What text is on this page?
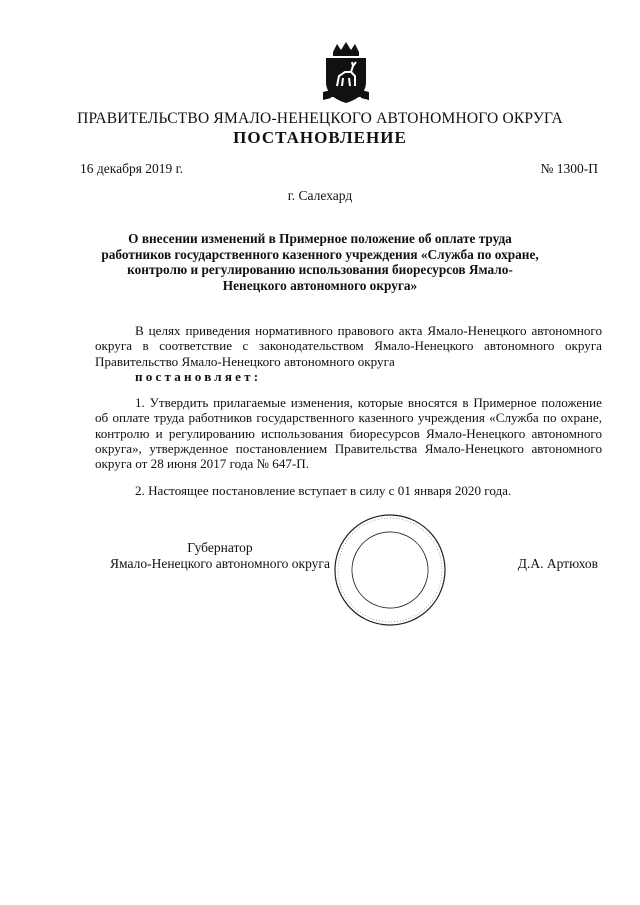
ПРАВИТЕЛЬСТВО ЯМАЛО-НЕНЕЦКОГО АВТОНОМНОГО ОКРУГА
ПОСТАНОВЛЕНИЕ
16 декабря 2019 г.	№ 1300-П
г. Салехард
О внесении изменений в Примерное положение об оплате труда работников государственного казенного учреждения «Служба по охране, контролю и регулированию использования биоресурсов Ямало-Ненецкого автономного округа»
В целях приведения нормативного правового акта Ямало-Ненецкого автономного округа в соответствие с законодательством Ямало-Ненецкого автономного округа Правительство Ямало-Ненецкого автономного округа
постановляет:
1. Утвердить прилагаемые изменения, которые вносятся в Примерное положение об оплате труда работников государственного казенного учреждения «Служба по охране, контролю и регулированию использования биоресурсов Ямало-Ненецкого автономного округа», утвержденное постановлением Правительства Ямало-Ненецкого автономного округа от 28 июня 2017 года № 647-П.
2. Настоящее постановление вступает в силу с 01 января 2020 года.
Губернатор
Ямало-Ненецкого автономного округа	Д.А. Артюхов
